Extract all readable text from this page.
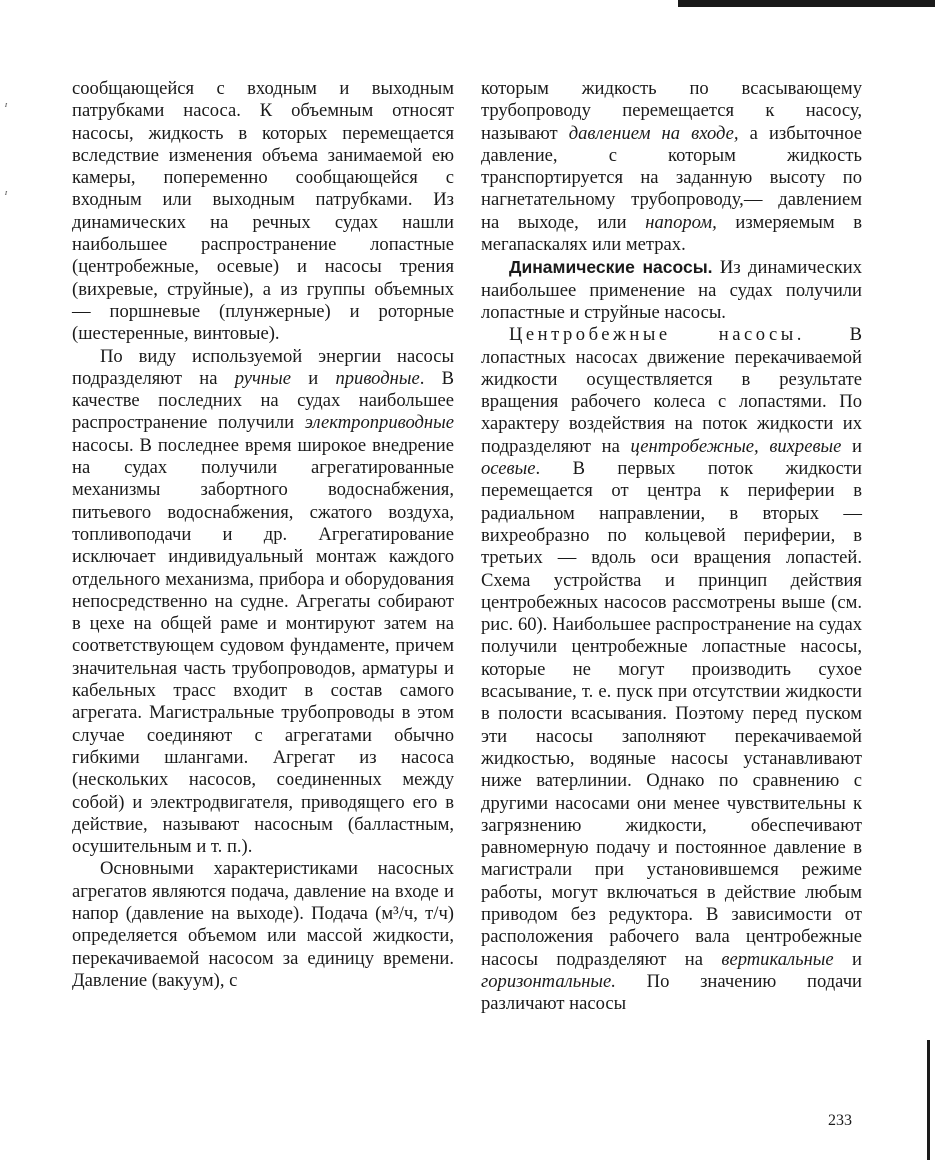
ᶦ
ᶦ

сообщающейся с входным и выходным патрубками насоса. К объемным относят насосы, жидкость в которых перемещается вследствие изменения объема занимаемой ею камеры, попеременно сообщающейся с входным или выходным патрубками. Из динамических на речных судах нашли наибольшее распространение лопастные (центробежные, осевые) и насосы трения (вихревые, струйные), а из группы объемных — поршневые (плунжерные) и роторные (шестеренные, винтовые).

По виду используемой энергии насосы подразделяют на ручные и приводные. В качестве последних на судах наибольшее распространение получили электроприводные насосы. В последнее время широкое внедрение на судах получили агрегатированные механизмы забортного водоснабжения, питьевого водоснабжения, сжатого воздуха, топливоподачи и др. Агрегатирование исключает индивидуальный монтаж каждого отдельного механизма, прибора и оборудования непосредственно на судне. Агрегаты собирают в цехе на общей раме и монтируют затем на соответствующем судовом фундаменте, причем значительная часть трубопроводов, арматуры и кабельных трасс входит в состав самого агрегата. Магистральные трубопроводы в этом случае соединяют с агрегатами обычно гибкими шлангами. Агрегат из насоса (нескольких насосов, соединенных между собой) и электродвигателя, приводящего его в действие, называют насосным (балластным, осушительным и т. п.).

Основными характеристиками насосных агрегатов являются подача, давление на входе и напор (давление на выходе). Подача (м³/ч, т/ч) определяется объемом или массой жидкости, перекачиваемой насосом за единицу времени. Давление (вакуум), с

которым жидкость по всасывающему трубопроводу перемещается к насосу, называют давлением на входе, а избыточное давление, с которым жидкость транспортируется на заданную высоту по нагнетательному трубопроводу,— давлением на выходе, или напором, измеряемым в мегапаскалях или метрах.

Динамические насосы. Из динамических наибольшее применение на судах получили лопастные и струйные насосы.

Центробежные насосы. В лопастных насосах движение перекачиваемой жидкости осуществляется в результате вращения рабочего колеса с лопастями. По характеру воздействия на поток жидкости их подразделяют на центробежные, вихревые и осевые. В первых поток жидкости перемещается от центра к периферии в радиальном направлении, в вторых — вихреобразно по кольцевой периферии, в третьих — вдоль оси вращения лопастей. Схема устройства и принцип действия центробежных насосов рассмотрены выше (см. рис. 60). Наибольшее распространение на судах получили центробежные лопастные насосы, которые не могут производить сухое всасывание, т. е. пуск при отсутствии жидкости в полости всасывания. Поэтому перед пуском эти насосы заполняют перекачиваемой жидкостью, водяные насосы устанавливают ниже ватерлинии. Однако по сравнению с другими насосами они менее чувствительны к загрязнению жидкости, обеспечивают равномерную подачу и постоянное давление в магистрали при установившемся режиме работы, могут включаться в действие любым приводом без редуктора. В зависимости от расположения рабочего вала центробежные насосы подразделяют на вертикальные и горизонтальные. По значению подачи различают насосы

233
